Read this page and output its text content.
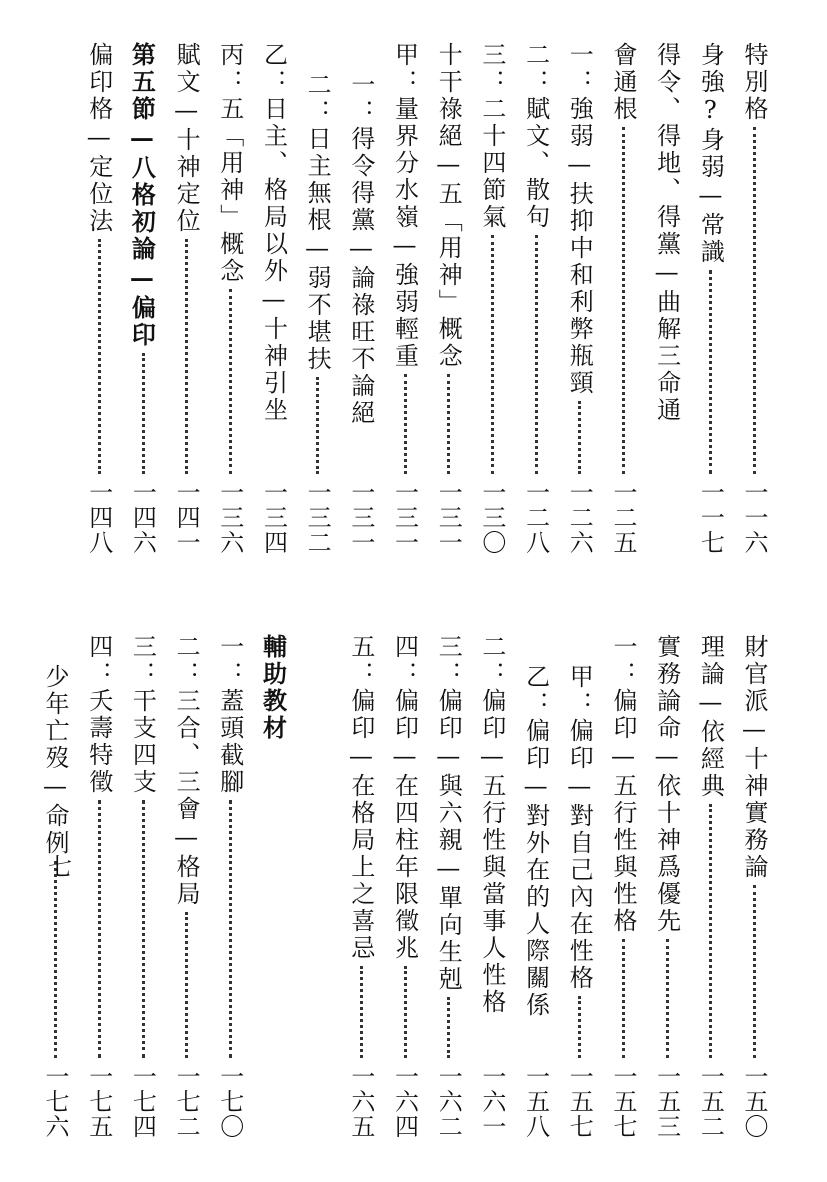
特別格
一一六
身強?身弱—常識
一一七
得令、得地、得黨—曲解三命通
會通根
一二五
一：強弱—扶抑中和利弊瓶頸
一二六
二：賦文、散句
一二八
三：二十四節氣
一三〇
十干祿絕—五「用神」概念
一三一
甲：量界分水嶺—強弱輕重
一三一
一：得令得黨—論祿旺不論絕
一三一
二：日主無根—弱不堪扶
一三二
乙：日主、格局以外—十神引坐
一三四
丙：五「用神」概念
一三六
賦文—十神定位
一四一
第五節—八格初論—偏印
一四六
偏印格—定位法
一四八
財官派—十神實務論
一五〇
理論—依經典
一五二
實務論命—依十神爲優先
一五三
一：偏印—五行性與性格
一五七
甲：偏印—對自己內在性格
一五七
乙：偏印—對外在的人際關係
一五八
二：偏印—五行性與當事人性格
一六一
三：偏印—與六親—單向生剋
一六二
四：偏印—在四柱年限徵兆
一六四
五：偏印—在格局上之喜忌
一六五
輔助教材
一：蓋頭截腳
一七〇
二：三合、三會—格局
一七二
三：干支四支
一七四
四：夭壽特徵
一七五
少年亡歿—命例
一七六
七
